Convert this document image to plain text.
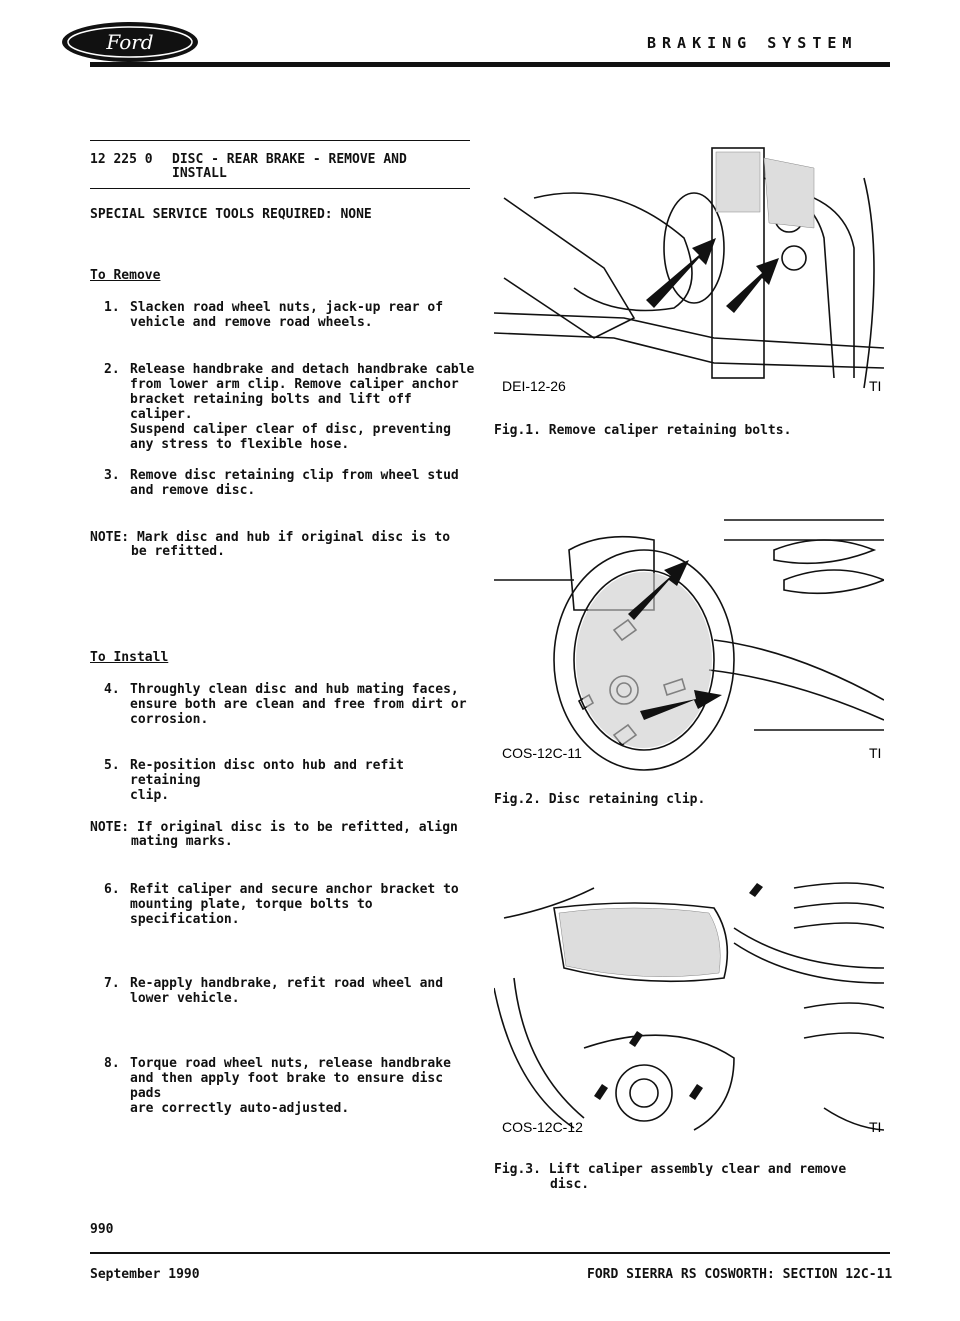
Ford	BRAKING SYSTEM
12 225 0 DISC - REAR BRAKE - REMOVE AND
INSTALL
SPECIAL SERVICE TOOLS REQUIRED: NONE
To Remove
1. Slacken road wheel nuts, jack-up rear of
vehicle and remove road wheels.
2. Release handbrake and detach handbrake cable
from lower arm clip. Remove caliper anchor
bracket retaining bolts and lift off caliper.
Suspend caliper clear of disc, preventing
any stress to flexible hose.
3. Remove disc retaining clip from wheel stud
and remove disc.
NOTE: Mark disc and hub if original disc is to
be refitted.
To Install
4. Throughly clean disc and hub mating faces,
ensure both are clean and free from dirt or
corrosion.
5. Re-position disc onto hub and refit retaining
clip.
NOTE: If original disc is to be refitted, align
mating marks.
6. Refit caliper and secure anchor bracket to
mounting plate, torque bolts to
specification.
7. Re-apply handbrake, refit road wheel and
lower vehicle.
8. Torque road wheel nuts, release handbrake
and then apply foot brake to ensure disc pads
are correctly auto-adjusted.
DEI-12-26	TI
Fig.1. Remove caliper retaining bolts.
COS-12C-11	TI
Fig.2. Disc retaining clip.
COS-12C-12	TI
Fig.3. Lift caliper assembly clear and remove
disc.
990
September 1990	FORD SIERRA RS COSWORTH: SECTION 12C-11
